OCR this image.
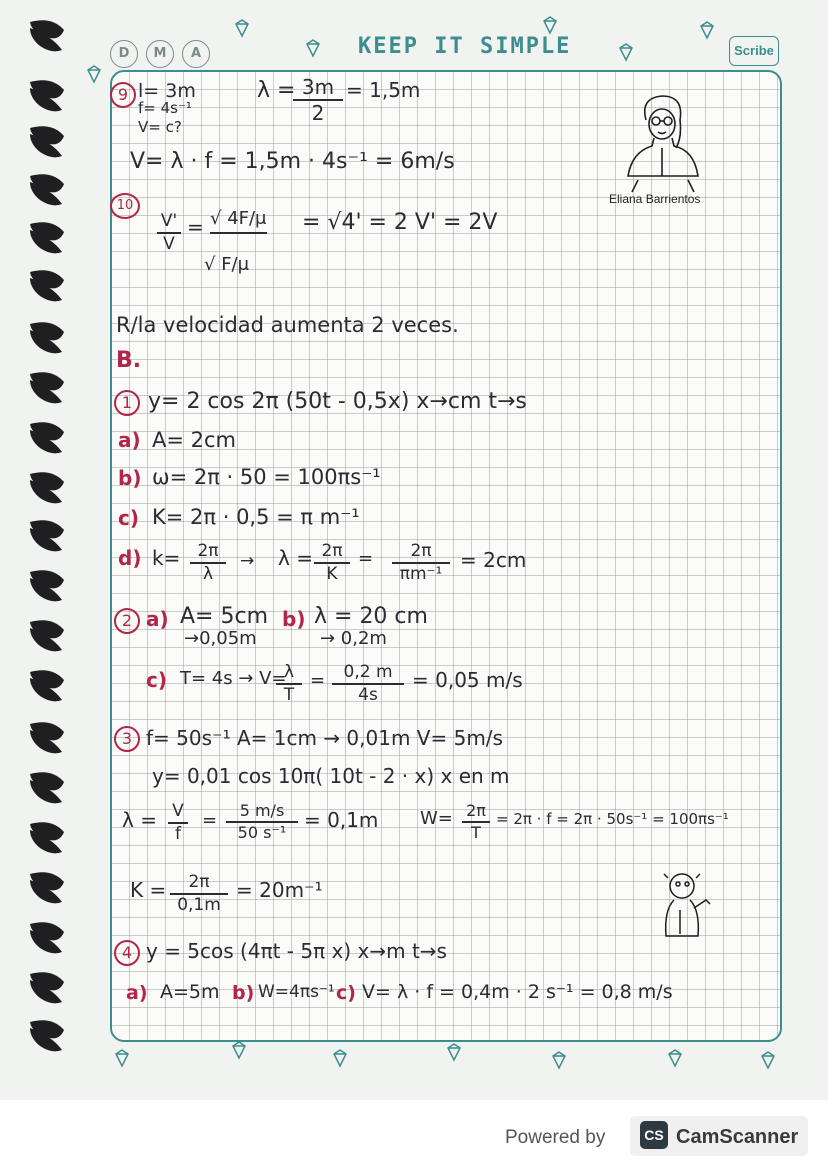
D	M	A	KEEP IT SIMPLE	Scribe
Eliana Barrientos
9 l= 3m
f= 4s⁻¹
V= c?
λ = 3m
2
= 1,5m
V= λ · f = 1,5m · 4s⁻¹ = 6m/s
10
V'
V
= √ 4F/μ
√ F/μ
= √4' = 2 V' = 2V
R/la velocidad aumenta 2 veces.
B.
1 y= 2 cos 2π (50t - 0,5x) x→cm t→s
a) A= 2cm
b) ω= 2π · 50 = 100πs⁻¹
c) K= 2π · 0,5 = π m⁻¹
d) k=	2π
λ
→ λ = 2π
K
=	2π
πm⁻¹
= 2cm
2 a) A= 5cm b) λ = 20 cm
→0,05m	→ 0,2m
c) T= 4s → V=
λ
T
=	0,2 m
4s
= 0,05 m/s
3 f= 50s⁻¹ A= 1cm → 0,01m V= 5m/s
y= 0,01 cos 10π( 10t - 2 · x) x en m
λ = V
f
=	5 m/s
50 s⁻¹
= 0,1m W= 2π
T
= 2π · f = 2π · 50s⁻¹ = 100πs⁻¹
K =	2π
0,1m
= 20m⁻¹
4 y = 5cos (4πt - 5π x) x→m t→s
a) A=5m b) W=4πs⁻¹ c) V= λ · f = 0,4m · 2 s⁻¹ = 0,8 m/s
Powered by	CS CamScanner
